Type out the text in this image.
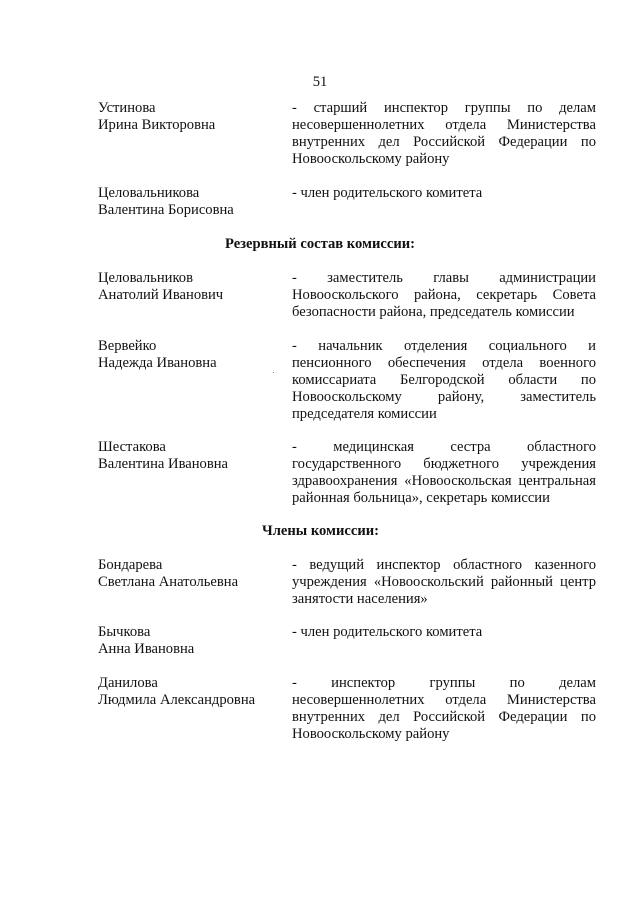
51
Устинова
Ирина Викторовна
- старший инспектор группы по делам несовершеннолетних отдела Министерства внутренних дел Российской Федерации по Новооскольскому району
Целовальникова
Валентина Борисовна
- член родительского комитета
Резервный состав комиссии:
Целовальников
Анатолий Иванович
- заместитель главы администрации Новооскольского района, секретарь Совета безопасности района, председатель комиссии
Вервейко
Надежда Ивановна
- начальник отделения социального и пенсионного обеспечения отдела военного комиссариата Белгородской области по Новооскольскому району, заместитель председателя комиссии
Шестакова
Валентина Ивановна
- медицинская сестра областного государственного бюджетного учреждения здравоохранения «Новооскольская центральная районная больница», секретарь комиссии
Члены комиссии:
Бондарева
Светлана Анатольевна
- ведущий инспектор областного казенного учреждения «Новооскольский районный центр занятости населения»
Бычкова
Анна Ивановна
- член родительского комитета
Данилова
Людмила Александровна
- инспектор группы по делам несовершеннолетних отдела Министерства внутренних дел Российской Федерации по Новооскольскому району
